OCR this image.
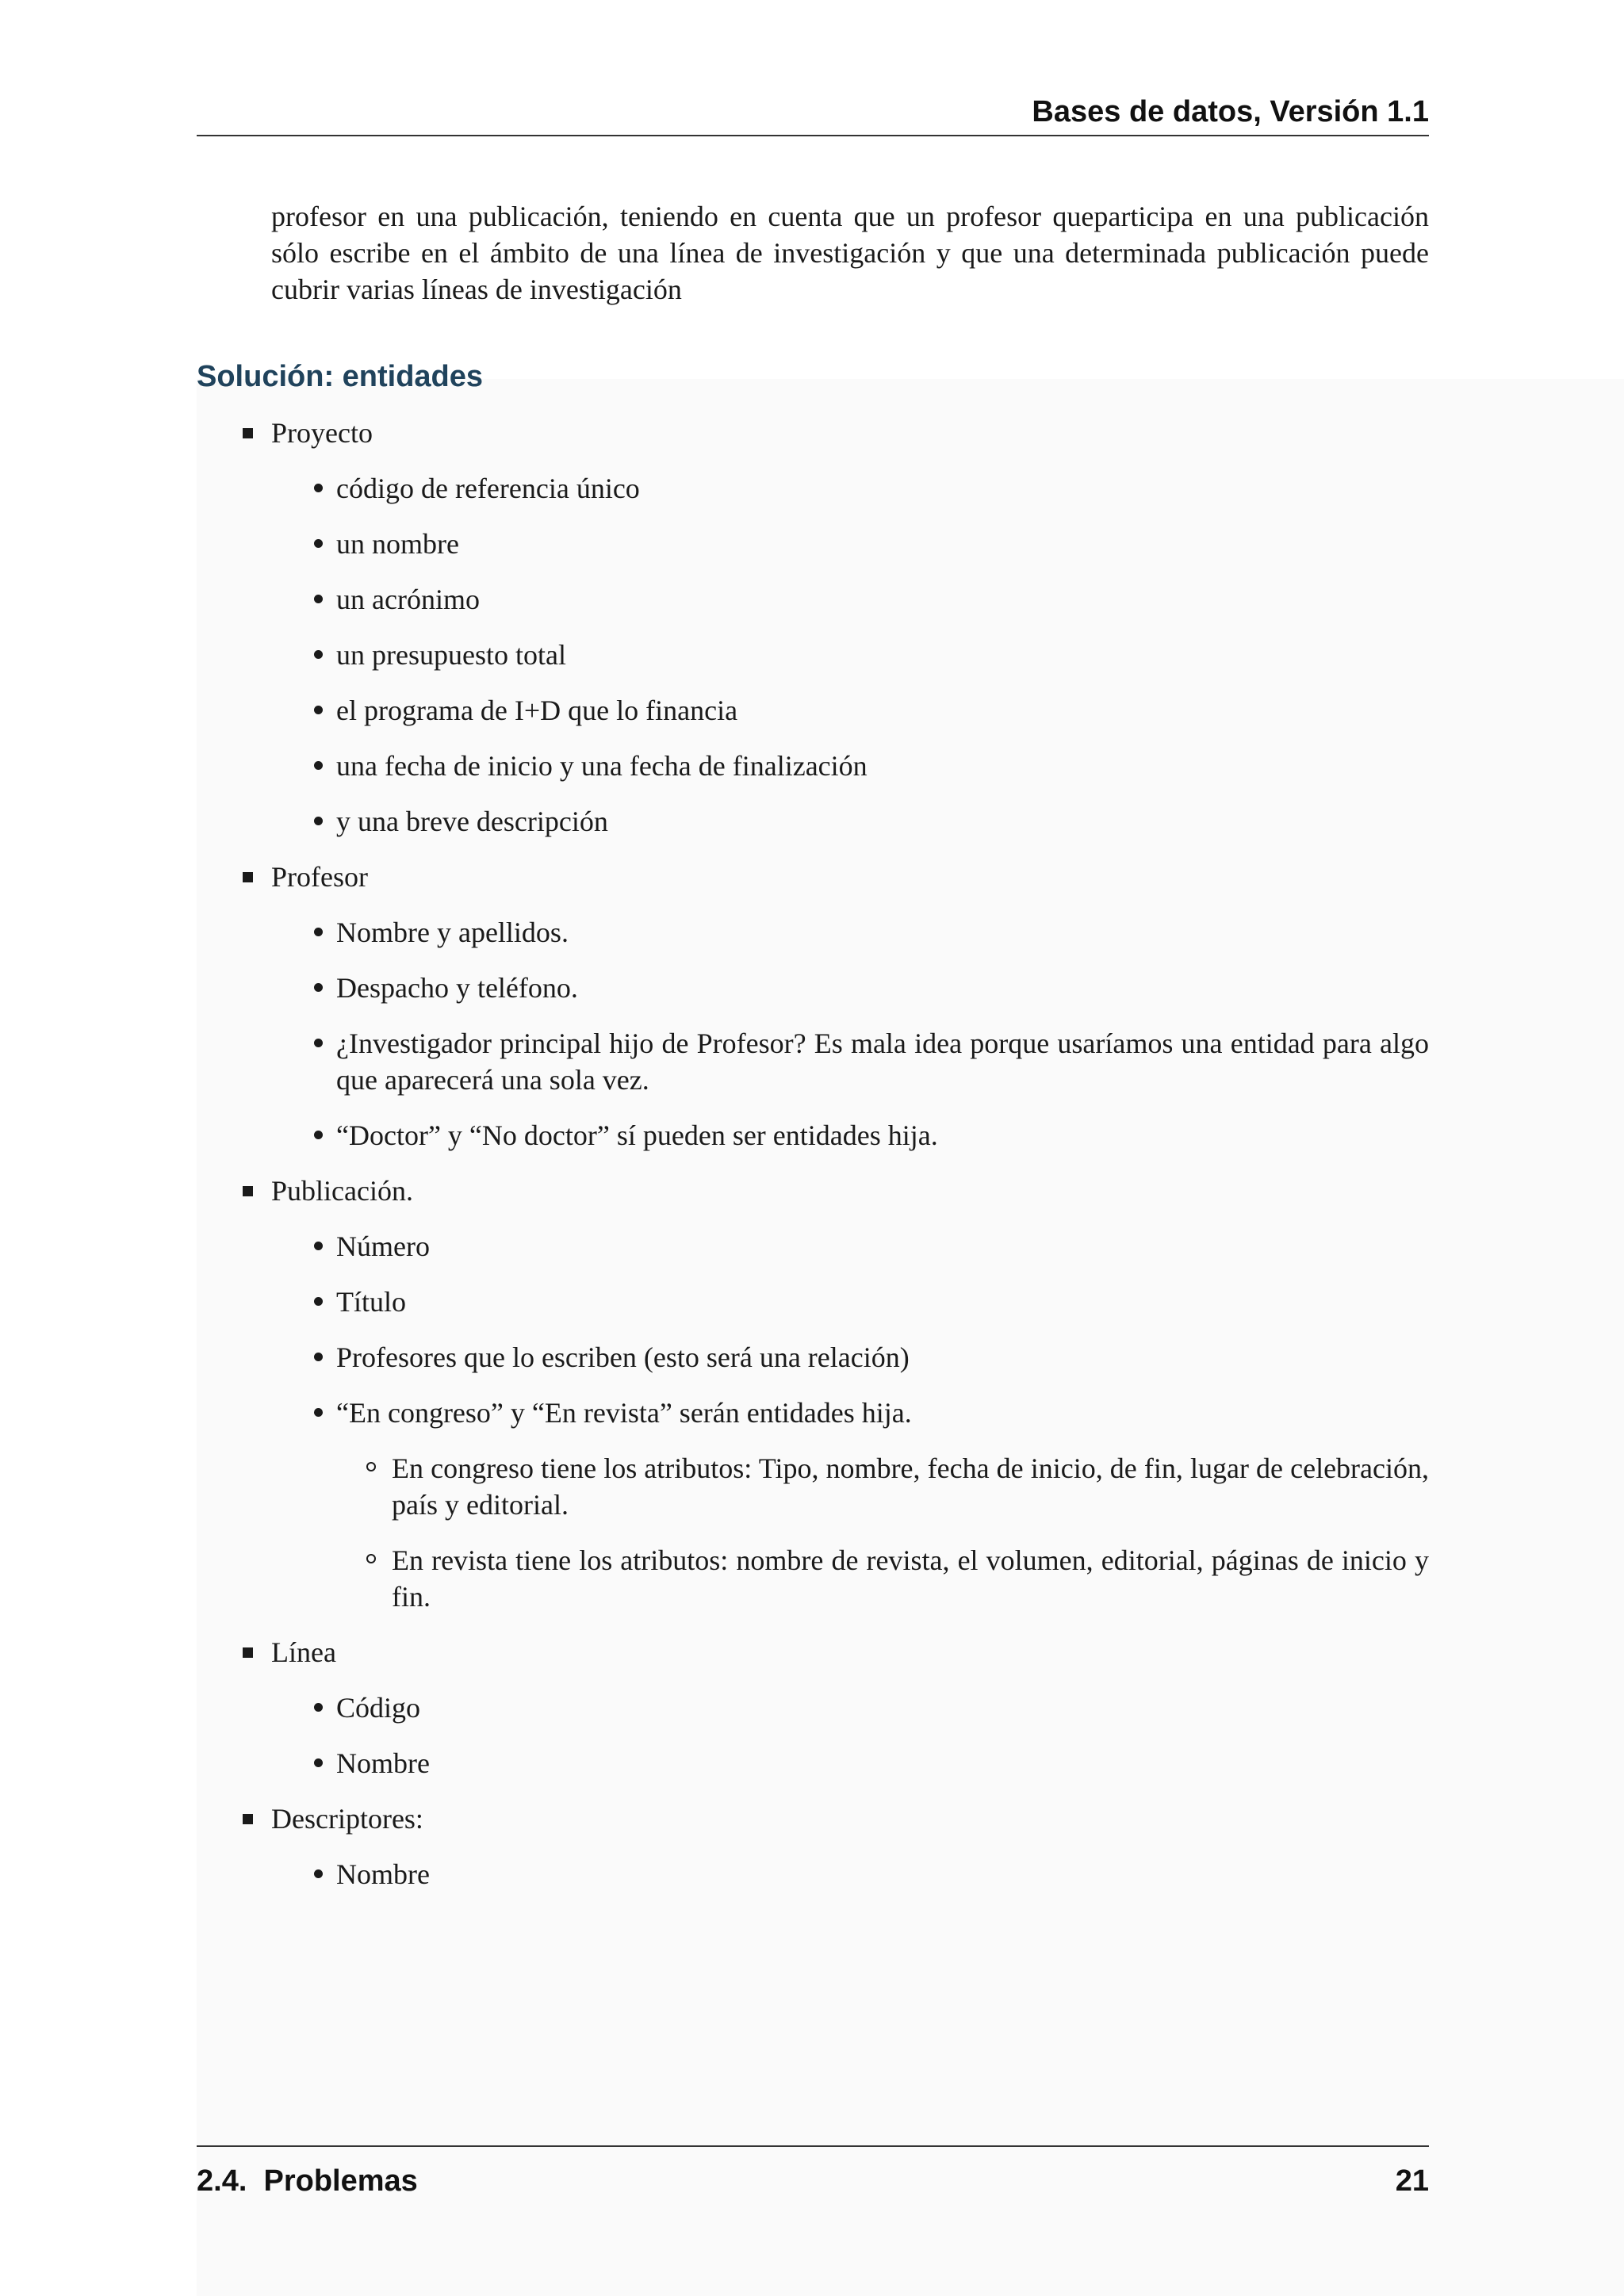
Bases de datos, Versión 1.1

profesor en una publicación, teniendo en cuenta que un profesor queparticipa en una publicación sólo escribe en el ámbito de una línea de investigación y que una determinada publicación puede cubrir varias líneas de investigación

Solución: entidades
Proyecto
código de referencia único
un nombre
un acrónimo
un presupuesto total
el programa de I+D que lo financia
una fecha de inicio y una fecha de finalización
y una breve descripción
Profesor
Nombre y apellidos.
Despacho y teléfono.
¿Investigador principal hijo de Profesor? Es mala idea porque usaríamos una entidad para algo que aparecerá una sola vez.
“Doctor” y “No doctor” sí pueden ser entidades hija.
Publicación.
Número
Título
Profesores que lo escriben (esto será una relación)
“En congreso” y “En revista” serán entidades hija.
En congreso tiene los atributos: Tipo, nombre, fecha de inicio, de fin, lugar de celebración, país y editorial.
En revista tiene los atributos: nombre de revista, el volumen, editorial, páginas de inicio y fin.
Línea
Código
Nombre
Descriptores:
Nombre
2.4.  Problemas	21
